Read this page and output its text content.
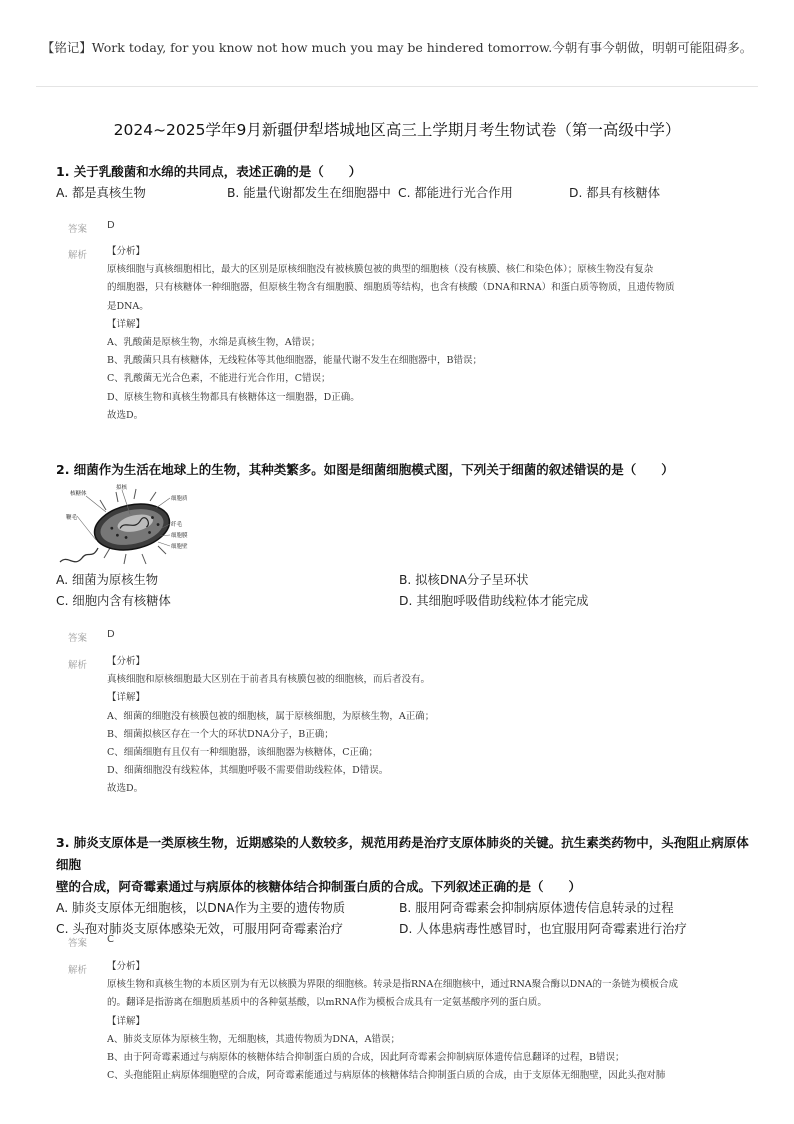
【铭记】Work today, for you know not how much you may be hindered tomorrow.今朝有事今朝做，明朝可能阻碍多。
2024~2025学年9月新疆伊犁塔城地区高三上学期月考生物试卷（第一高级中学）
1. 关于乳酸菌和水绵的共同点，表述正确的是（　　）
A. 都是真核生物	B. 能量代谢都发生在细胞器中 C. 都能进行光合作用	D. 都具有核糖体
答案 D
解析 【分析】
原核细胞与真核细胞相比，最大的区别是原核细胞没有被核膜包被的典型的细胞核（没有核膜、核仁和染色体）；原核生物没有复杂
的细胞器，只有核糖体一种细胞器，但原核生物含有细胞膜、细胞质等结构，也含有核酸（DNA和RNA）和蛋白质等物质，且遗传物质
是DNA。
【详解】
A、乳酸菌是原核生物，水绵是真核生物，A错误；
B、乳酸菌只具有核糖体，无线粒体等其他细胞器，能量代谢不发生在细胞器中，B错误；
C、乳酸菌无光合色素，不能进行光合作用，C错误；
D、原核生物和真核生物都具有核糖体这一细胞器，D正确。
故选D。
2. 细菌作为生活在地球上的生物，其种类繁多。如图是细菌细胞模式图，下列关于细菌的叙述错误的是（　　）
核糖体
拟核
细胞质
鞭毛
纤毛
细胞膜
细胞壁
A. 细菌为原核生物	B. 拟核DNA分子呈环状
C. 细胞内含有核糖体	D. 其细胞呼吸借助线粒体才能完成
答案 D
解析 【分析】
真核细胞和原核细胞最大区别在于前者具有核膜包被的细胞核，而后者没有。
【详解】
A、细菌的细胞没有核膜包被的细胞核，属于原核细胞，为原核生物，A正确；
B、细菌拟核区存在一个大的环状DNA分子，B正确；
C、细菌细胞有且仅有一种细胞器，该细胞器为核糖体，C正确；
D、细菌细胞没有线粒体，其细胞呼吸不需要借助线粒体，D错误。
故选D。
3. 肺炎支原体是一类原核生物，近期感染的人数较多，规范用药是治疗支原体肺炎的关键。抗生素类药物中，头孢阻止病原体细胞
壁的合成，阿奇霉素通过与病原体的核糖体结合抑制蛋白质的合成。下列叙述正确的是（　　）
A. 肺炎支原体无细胞核，以DNA作为主要的遗传物质	B. 服用阿奇霉素会抑制病原体遗传信息转录的过程
C. 头孢对肺炎支原体感染无效，可服用阿奇霉素治疗	D. 人体患病毒性感冒时，也宜服用阿奇霉素进行治疗
答案 C
解析 【分析】
原核生物和真核生物的本质区别为有无以核膜为界限的细胞核。转录是指RNA在细胞核中，通过RNA聚合酶以DNA的一条链为模板合成
的。翻译是指游离在细胞质基质中的各种氨基酸，以mRNA作为模板合成具有一定氨基酸序列的蛋白质。
【详解】
A、肺炎支原体为原核生物，无细胞核，其遗传物质为DNA，A错误；
B、由于阿奇霉素通过与病原体的核糖体结合抑制蛋白质的合成，因此阿奇霉素会抑制病原体遗传信息翻译的过程，B错误；
C、头孢能阻止病原体细胞壁的合成，阿奇霉素能通过与病原体的核糖体结合抑制蛋白质的合成，由于支原体无细胞壁，因此头孢对肺
